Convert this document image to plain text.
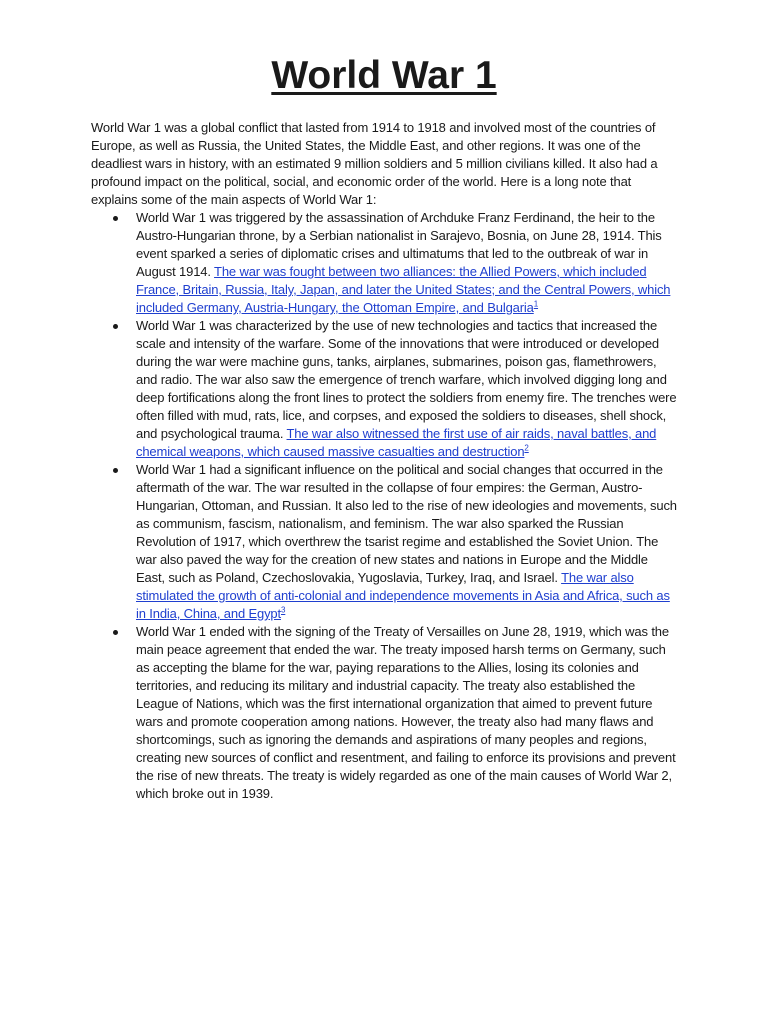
World War 1

World War 1 was a global conflict that lasted from 1914 to 1918 and involved most of the countries of Europe, as well as Russia, the United States, the Middle East, and other regions. It was one of the deadliest wars in history, with an estimated 9 million soldiers and 5 million civilians killed. It also had a profound impact on the political, social, and economic order of the world. Here is a long note that explains some of the main aspects of World War 1:

World War 1 was triggered by the assassination of Archduke Franz Ferdinand, the heir to the Austro-Hungarian throne, by a Serbian nationalist in Sarajevo, Bosnia, on June 28, 1914. This event sparked a series of diplomatic crises and ultimatums that led to the outbreak of war in August 1914. The war was fought between two alliances: the Allied Powers, which included France, Britain, Russia, Italy, Japan, and later the United States; and the Central Powers, which included Germany, Austria-Hungary, the Ottoman Empire, and Bulgaria$^1$
World War 1 was characterized by the use of new technologies and tactics that increased the scale and intensity of the warfare. Some of the innovations that were introduced or developed during the war were machine guns, tanks, airplanes, submarines, poison gas, flamethrowers, and radio. The war also saw the emergence of trench warfare, which involved digging long and deep fortifications along the front lines to protect the soldiers from enemy fire. The trenches were often filled with mud, rats, lice, and corpses, and exposed the soldiers to diseases, shell shock, and psychological trauma. The war also witnessed the first use of air raids, naval battles, and chemical weapons, which caused massive casualties and destruction$^2$
World War 1 had a significant influence on the political and social changes that occurred in the aftermath of the war. The war resulted in the collapse of four empires: the German, Austro-Hungarian, Ottoman, and Russian. It also led to the rise of new ideologies and movements, such as communism, fascism, nationalism, and feminism. The war also sparked the Russian Revolution of 1917, which overthrew the tsarist regime and established the Soviet Union. The war also paved the way for the creation of new states and nations in Europe and the Middle East, such as Poland, Czechoslovakia, Yugoslavia, Turkey, Iraq, and Israel. The war also stimulated the growth of anti-colonial and independence movements in Asia and Africa, such as in India, China, and Egypt$^3$
World War 1 ended with the signing of the Treaty of Versailles on June 28, 1919, which was the main peace agreement that ended the war. The treaty imposed harsh terms on Germany, such as accepting the blame for the war, paying reparations to the Allies, losing its colonies and territories, and reducing its military and industrial capacity. The treaty also established the League of Nations, which was the first international organization that aimed to prevent future wars and promote cooperation among nations. However, the treaty also had many flaws and shortcomings, such as ignoring the demands and aspirations of many peoples and regions, creating new sources of conflict and resentment, and failing to enforce its provisions and prevent the rise of new threats. The treaty is widely regarded as one of the main causes of World War 2, which broke out in 1939.
